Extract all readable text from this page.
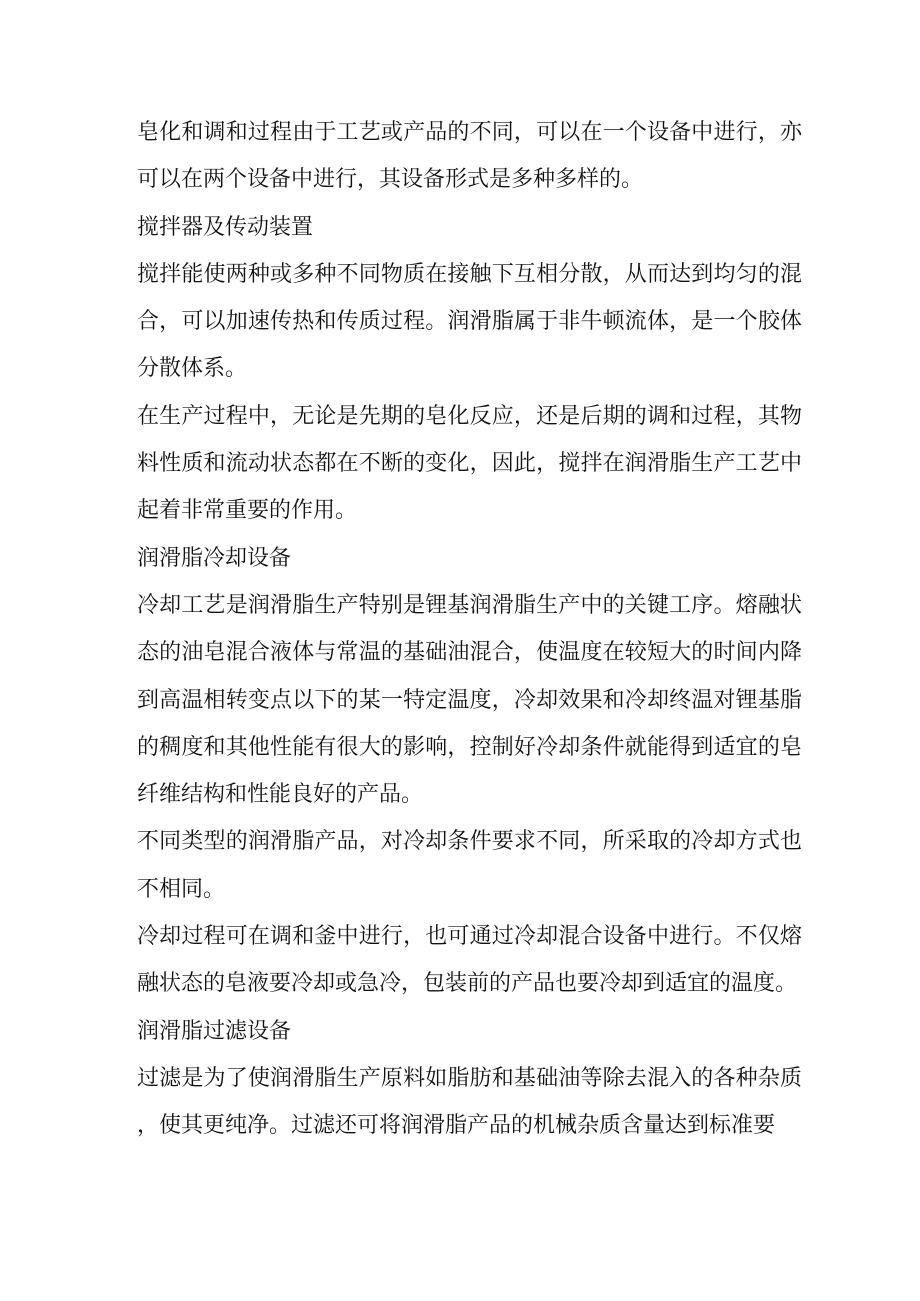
皂化和调和过程由于工艺或产品的不同，可以在一个设备中进行，亦可以在两个设备中进行，其设备形式是多种多样的。

搅拌器及传动装置

搅拌能使两种或多种不同物质在接触下互相分散，从而达到均匀的混合，可以加速传热和传质过程。润滑脂属于非牛顿流体，是一个胶体分散体系。

在生产过程中，无论是先期的皂化反应，还是后期的调和过程，其物料性质和流动状态都在不断的变化，因此，搅拌在润滑脂生产工艺中起着非常重要的作用。

润滑脂冷却设备

冷却工艺是润滑脂生产特别是锂基润滑脂生产中的关键工序。熔融状态的油皂混合液体与常温的基础油混合，使温度在较短大的时间内降到高温相转变点以下的某一特定温度，冷却效果和冷却终温对锂基脂的稠度和其他性能有很大的影响，控制好冷却条件就能得到适宜的皂纤维结构和性能良好的产品。

不同类型的润滑脂产品，对冷却条件要求不同，所采取的冷却方式也不相同。

冷却过程可在调和釜中进行，也可通过冷却混合设备中进行。不仅熔融状态的皂液要冷却或急冷，包装前的产品也要冷却到适宜的温度。

润滑脂过滤设备

过滤是为了使润滑脂生产原料如脂肪和基础油等除去混入的各种杂质，使其更纯净。过滤还可将润滑脂产品的机械杂质含量达到标准要
